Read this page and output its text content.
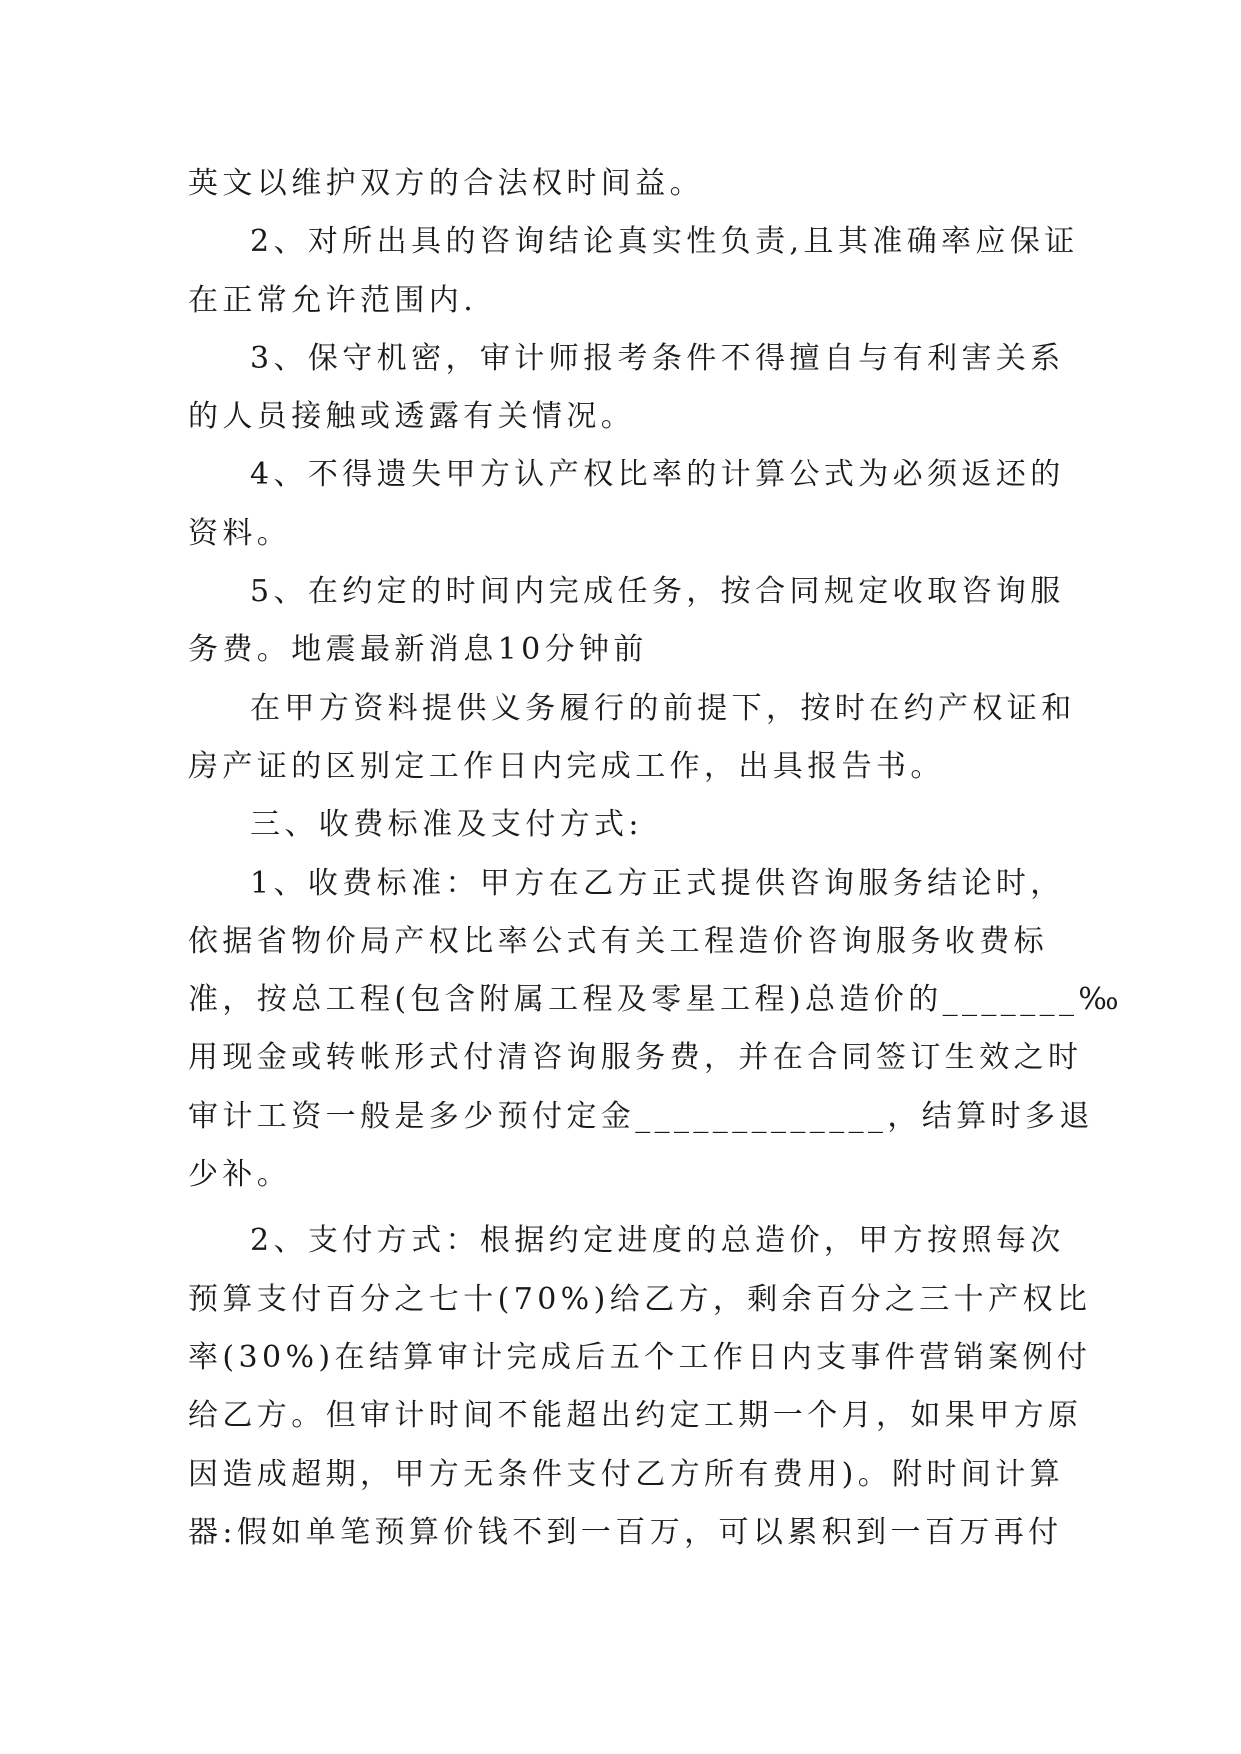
英文以维护双方的合法权时间益。
2、对所出具的咨询结论真实性负责,且其准确率应保证
在正常允许范围内.
3、保守机密，审计师报考条件不得擅自与有利害关系
的人员接触或透露有关情况。
4、不得遗失甲方认产权比率的计算公式为必须返还的
资料。
5、在约定的时间内完成任务，按合同规定收取咨询服
务费。地震最新消息10分钟前
在甲方资料提供义务履行的前提下，按时在约产权证和
房产证的区别定工作日内完成工作，出具报告书。
三、收费标准及支付方式:
1、收费标准：甲方在乙方正式提供咨询服务结论时，
依据省物价局产权比率公式有关工程造价咨询服务收费标
准，按总工程(包含附属工程及零星工程)总造价的_______‰
用现金或转帐形式付清咨询服务费，并在合同签订生效之时
审计工资一般是多少预付定金_____________，结算时多退
少补。
2、支付方式：根据约定进度的总造价，甲方按照每次
预算支付百分之七十(70%)给乙方，剩余百分之三十产权比
率(30%)在结算审计完成后五个工作日内支事件营销案例付
给乙方。但审计时间不能超出约定工期一个月，如果甲方原
因造成超期，甲方无条件支付乙方所有费用)。附时间计算
器:假如单笔预算价钱不到一百万，可以累积到一百万再付
